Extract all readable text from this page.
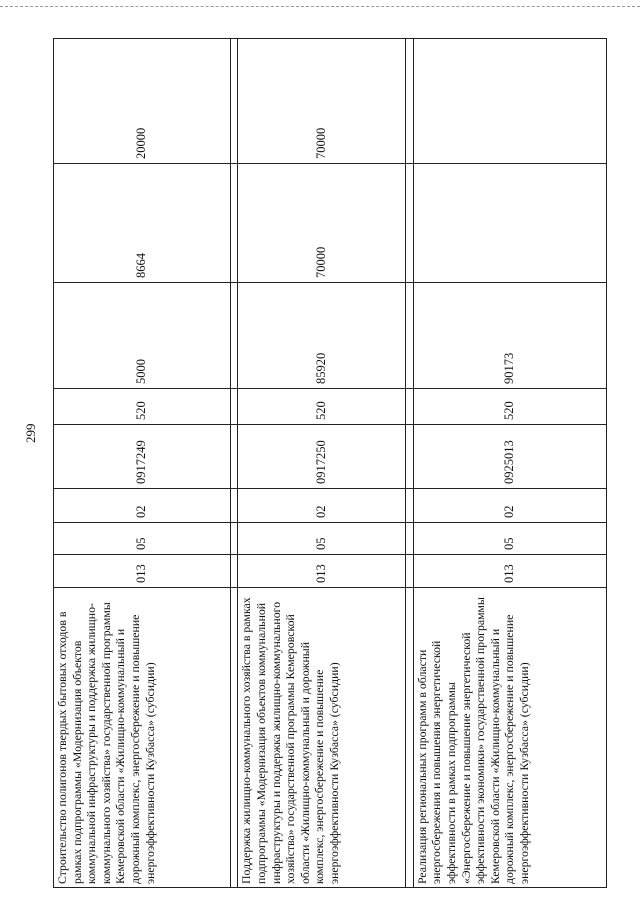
299
Строительство полигонов твердых бытовых отходов в рамках подпрограммы «Модернизация объектов коммунальной инфраструктуры и поддержка жилищно-коммунального хозяйства» государственной программы Кемеровской области «Жилищно-коммунальный и дорожный комплекс, энергосбережение и повышение энергоэффективности Кузбасса» (субсидии)	013	05	02	0917249	520	5000	8664	20000

Поддержка жилищно-коммунального хозяйства в рамках подпрограммы «Модернизация объектов коммунальной инфраструктуры и поддержка жилищно-коммунального хозяйства» государственной программы Кемеровской области «Жилищно-коммунальный и дорожный комплекс, энергосбережение и повышение энергоэффективности Кузбасса» (субсидии)	013	05	02	0917250	520	85920	70000	70000

Реализация региональных программ в области энергосбережения и повышения энергетической эффективности в рамках подпрограммы «Энергосбережение и повышение энергетической эффективности экономики» государственной программы Кемеровской области «Жилищно-коммунальный и дорожный комплекс, энергосбережение и повышение энергоэффективности Кузбасса» (субсидии)	013	05	02	0925013	520	90173		
